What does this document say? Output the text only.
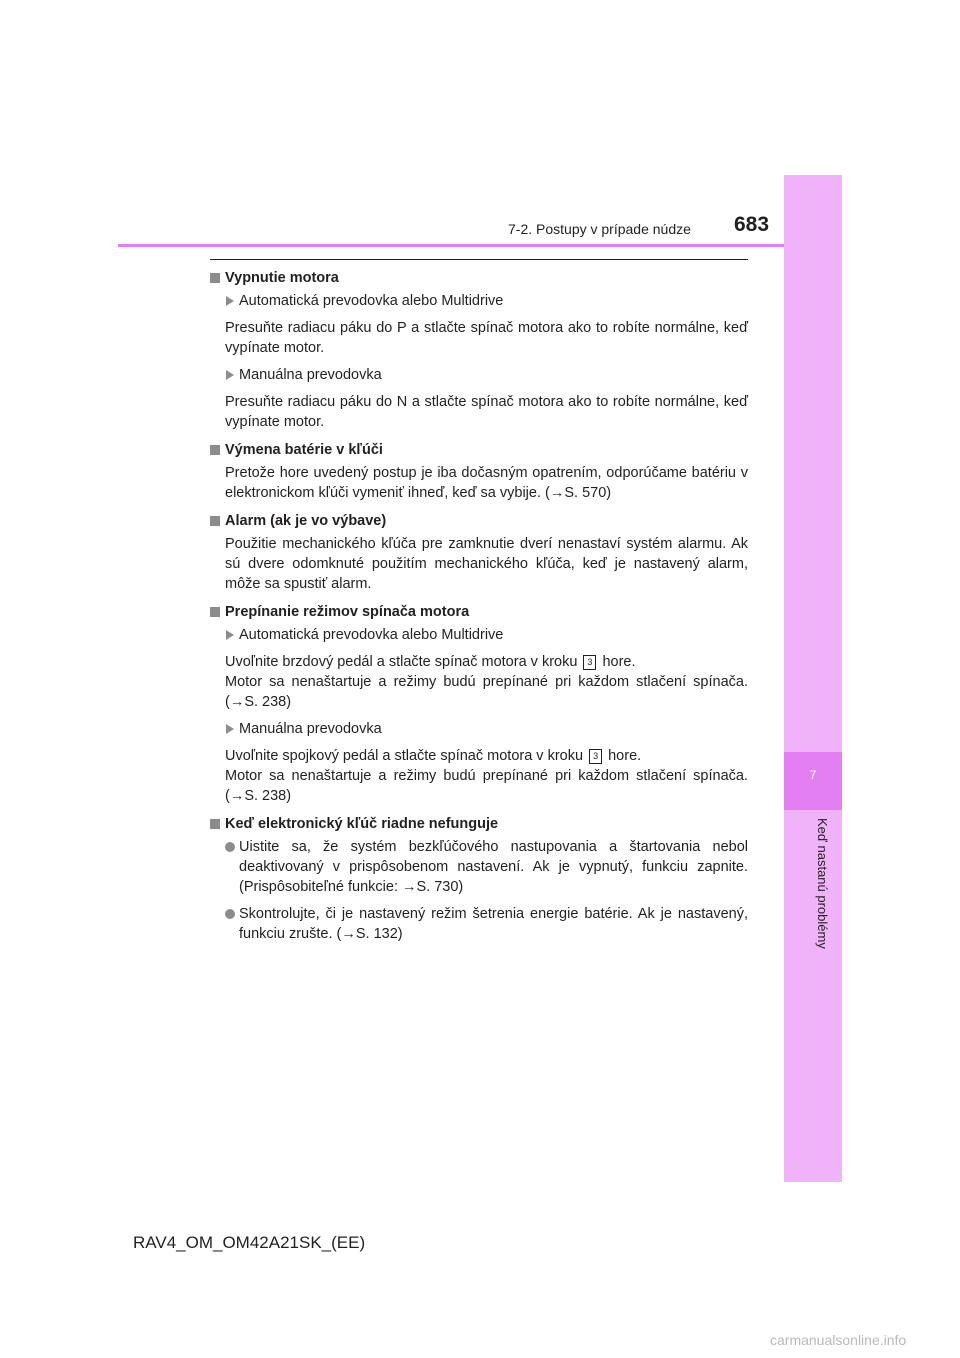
7
Keď nastanú problémy
7-2. Postupy v prípade núdze 683
Vypnutie motora
Automatická prevodovka alebo Multidrive
Presuňte radiacu páku do P a stlačte spínač motora ako to robíte normálne, keď vypínate motor.
Manuálna prevodovka
Presuňte radiacu páku do N a stlačte spínač motora ako to robíte normálne, keď vypínate motor.
Výmena batérie v kľúči
Pretože hore uvedený postup je iba dočasným opatrením, odporúčame batériu v elektronickom kľúči vymeniť ihneď, keď sa vybije. (→S. 570)
Alarm (ak je vo výbave)
Použitie mechanického kľúča pre zamknutie dverí nenastaví systém alarmu. Ak sú dvere odomknuté použitím mechanického kľúča, keď je nastavený alarm, môže sa spustiť alarm.
Prepínanie režimov spínača motora
Automatická prevodovka alebo Multidrive
Uvoľnite brzdový pedál a stlačte spínač motora v kroku 3 hore.
Motor sa nenaštartuje a režimy budú prepínané pri každom stlačení spínača. (→S. 238)
Manuálna prevodovka
Uvoľnite spojkový pedál a stlačte spínač motora v kroku 3 hore.
Motor sa nenaštartuje a režimy budú prepínané pri každom stlačení spínača. (→S. 238)
Keď elektronický kľúč riadne nefunguje
Uistite sa, že systém bezkľúčového nastupovania a štartovania nebol deaktivovaný v prispôsobenom nastavení. Ak je vypnutý, funkciu zapnite. (Prispôsobiteľné funkcie: →S. 730)
Skontrolujte, či je nastavený režim šetrenia energie batérie. Ak je nastavený, funkciu zrušte. (→S. 132)
RAV4_OM_OM42A21SK_(EE)
carmanualsonline.info
